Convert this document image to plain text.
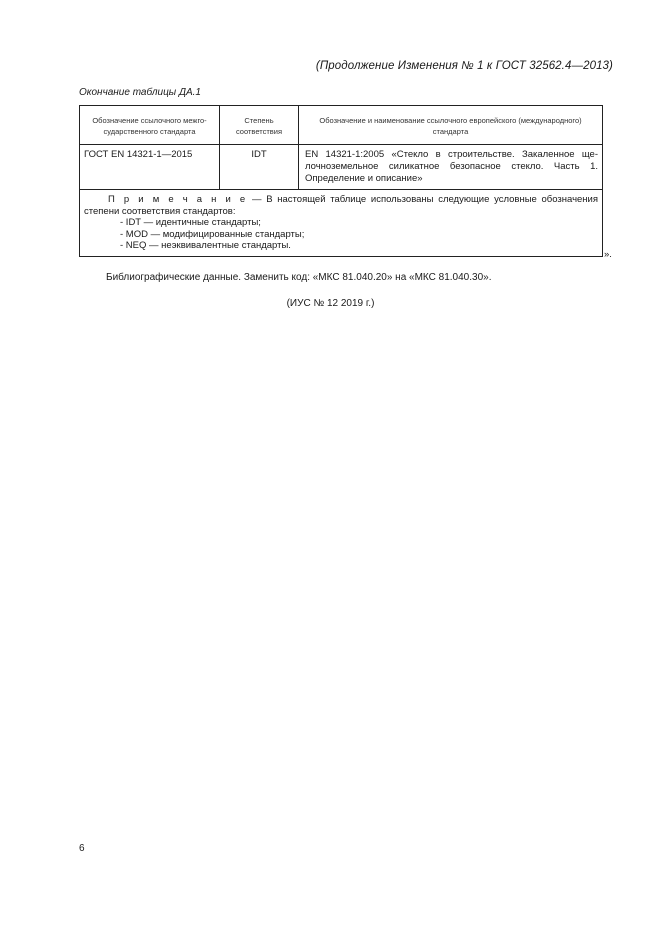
(Продолжение Изменения № 1 к ГОСТ 32562.4—2013)
Окончание таблицы ДА.1
Обозначение ссылочного межго-сударственного стандарта	Степень соответствия	Обозначение и наименование ссылочного европейского (международного) стандарта
ГОСТ EN 14321-1—2015	IDT	EN 14321-1:2005 «Стекло в строительстве. Закаленное ще-лочноземельное силикатное безопасное стекло. Часть 1. Определение и описание»

П р и м е ч а н и е — В настоящей таблице использованы следующие условные обозначения степени соответствия стандартов:

- IDT — идентичные стандарты;

- MOD — модифицированные стандарты;

- NEQ — неэквивалентные стандарты.		

».
Библиографические данные. Заменить код: «МКС 81.040.20» на «МКС 81.040.30».
(ИУС № 12 2019 г.)
6
